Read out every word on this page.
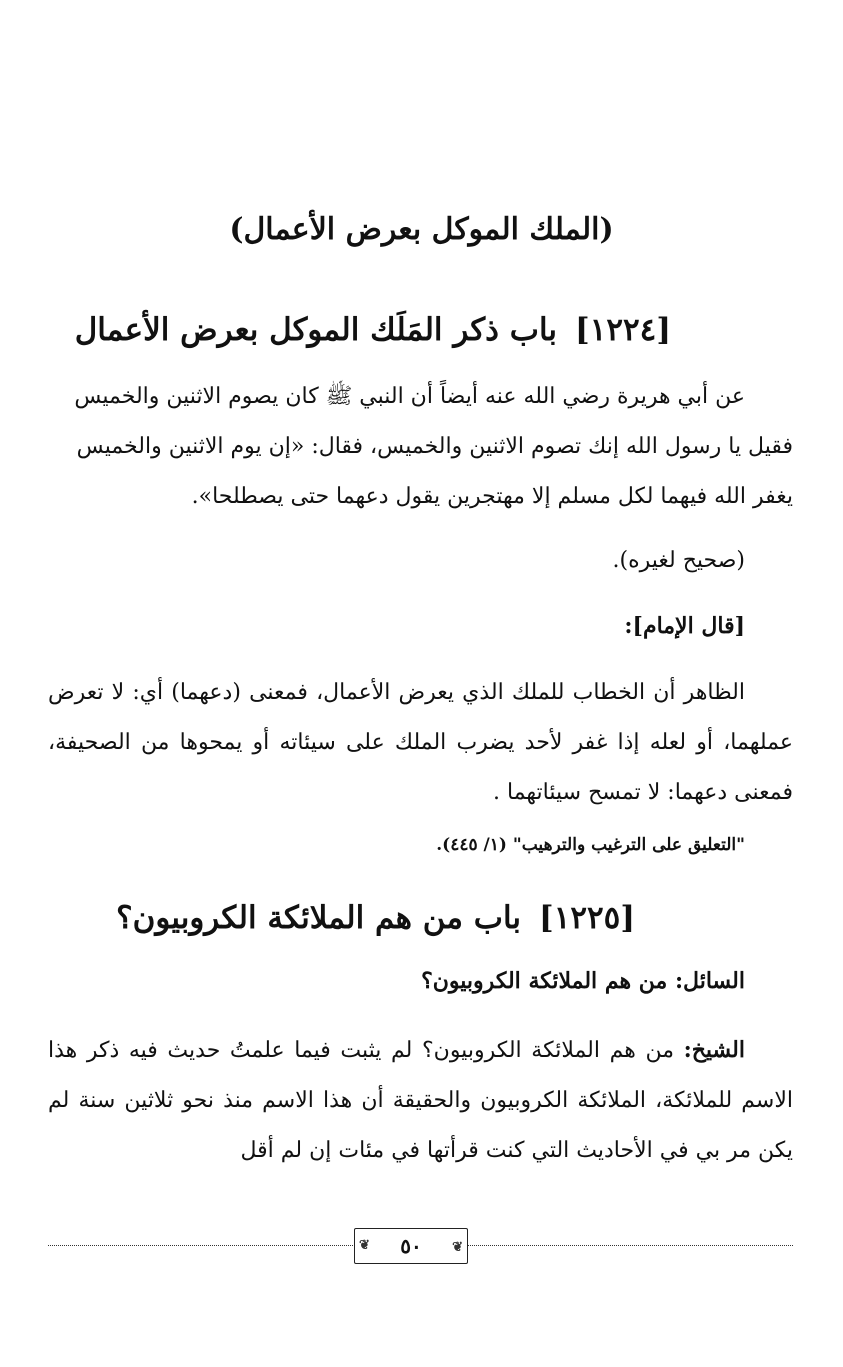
(الملك الموكل بعرض الأعمال)
[١٢٢٤]باب ذكر المَلَك الموكل بعرض الأعمال
عن أبي هريرة رضي الله عنه أيضاً أن النبي ﷺ كان يصوم الاثنين والخميس
فقيل يا رسول الله إنك تصوم الاثنين والخميس، فقال: «إن يوم الاثنين والخميس
يغفر الله فيهما لكل مسلم إلا مهتجرين يقول دعهما حتى يصطلحا».

(صحيح لغيره).

[قال الإمام]:

الظاهر أن الخطاب للملك الذي يعرض الأعمال، فمعنى (دعهما) أي: لا تعرض عملهما، أو لعله إذا غفر لأحد يضرب الملك على سيئاته أو يمحوها من الصحيفة، فمعنى دعهما: لا تمسح سيئاتهما .

"التعليق على الترغيب والترهيب" (١/ ٤٤٥).

[١٢٢٥]باب من هم الملائكة الكروبيون؟

السائل: من هم الملائكة الكروبيون؟

الشيخ: من هم الملائكة الكروبيون؟ لم يثبت فيما علمتُ حديث فيه ذكر هذا الاسم للملائكة، الملائكة الكروبيون والحقيقة أن هذا الاسم منذ نحو ثلاثين سنة لم يكن مر بي في الأحاديث التي كنت قرأتها في مئات إن لم أقل

❦ ٥٠ ❦
